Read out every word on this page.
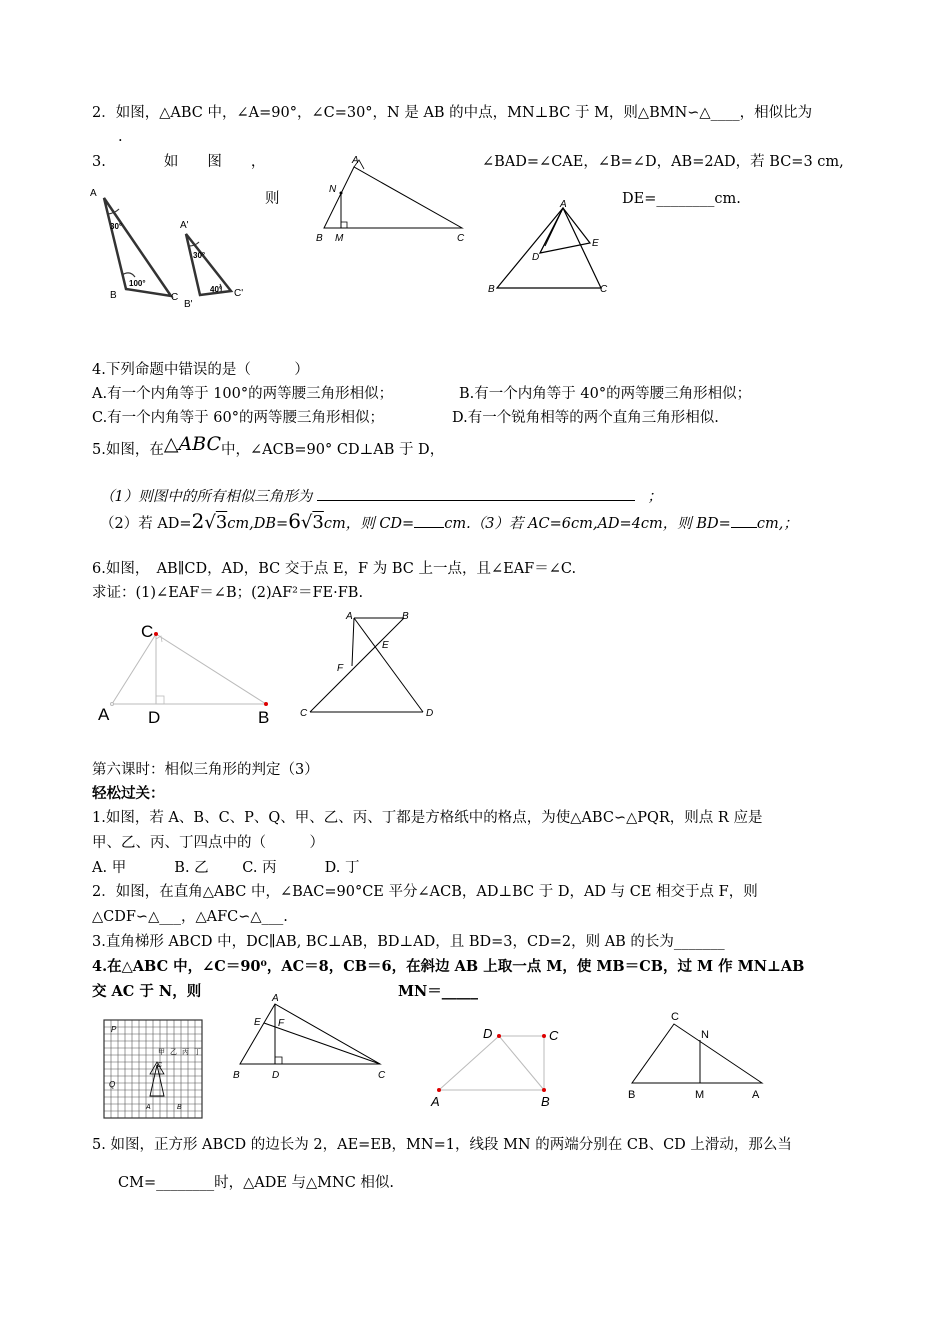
2．如图，△ABC 中，∠A=90°，∠C=30°，N 是 AB 的中点，MN⊥BC 于 M，则△BMN∽△____，相似比为
.
3.　　　　如　　图　　，	∠BAD=∠CAE，∠B=∠D，AB=2AD，若 BC=3 cm,
则	DE=________cm.
A
30°
100°
B	C
A'
30°
40°
B'
C'
A
N
B M	C
A
D
E
B	C
4.下列命题中错误的是（　　　）
A.有一个内角等于 100°的两等腰三角形相似；	B.有一个内角等于 40°的两等腰三角形相似；
C.有一个内角等于 60°的两等腰三角形相似；	D.有一个锐角相等的两个直角三角形相似.
5.如图，在△ABC中，∠ACB=90° CD⊥AB 于 D，
（1）则图中的所有相似三角形为	；
（2）若 AD=2√3cm,DB=6√3cm，则 CD= cm.（3）若 AC=6cm,AD=4cm，则 BD= cm,；
6.如图，　AB∥CD，AD，BC 交于点 E，F 为 BC 上一点，且∠EAF＝∠C.
求证：(1)∠EAF＝∠B；(2)AF²＝FE·FB.
C
A D	B
A	B
E
F
C	D
第六课时：相似三角形的判定（3）
轻松过关：
1.如图，若 A、B、C、P、Q、甲、乙、丙、丁都是方格纸中的格点，为使△ABC∽△PQR，则点 R 应是
甲、乙、丙、丁四点中的（　　　）
A. 甲　　　 B. 乙　　 C. 丙　　　 D. 丁
2．如图，在直角△ABC 中，∠BAC=90°CE 平分∠ACB，AD⊥BC 于 D，AD 与 CE 相交于点 F，则
△CDF∽△___，△AFC∽△___.
3.直角梯形 ABCD 中，DC∥AB, BC⊥AB，BD⊥AD，且 BD=3，CD=2，则 AB 的长为_______
4.在△ABC 中，∠C＝90⁰，AC＝8，CB＝6，在斜边 AB 上取一点 M，使 MB＝CB，过 M 作 MN⊥AB
交 AC 于 N，则	MN＝_____
P
Q
甲 乙 丙 丁
C
A	B
A
E F
B	D	C
D	C
A	B
C
N
B	M	A
5. 如图，正方形 ABCD 的边长为 2，AE=EB，MN=1，线段 MN 的两端分别在 CB、CD 上滑动，那么当
CM=________时，△ADE 与△MNC 相似.
